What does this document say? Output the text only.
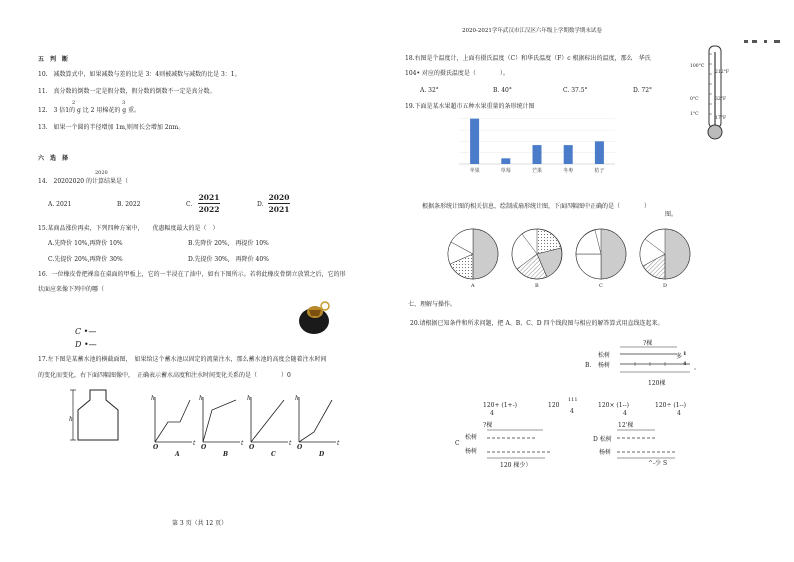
2020-2021学年武汉市江汉区六年级上学期数学期末试卷
五　判　断
10.　减数算式中，如果减数与差的比是 3：4则被减数与减数的比是 3：1。
11.　真分数的倒数一定是假分数，假分数的倒数不一定是真分数。
2	3
12.　3 倍1的 g 比 2 用棉花的 g 重。
13.　如果一个圆的半径增加 1m,则周长会增加 2πm。
六　选　择
2020
14.　20202020 的计算结果是（
A. 2021	B. 2022	C.
2021
2022
D.
2020
2021
15.某商品涨价再卖，下列四种方案中，　　优惠幅度最大的是（　）
A.先降价 10%,再降价 10%	B.先降价 20%,　再提价 10%
C.先提价 20%,再降价 30%	D.先提价 30%,　再降价 40%
16．一位橡皮骨把裸盒在桌面的甲板上，它的一半浸在了油中，如右下图所示。若将此橡皮骨倒立放置之后，它的形
状面应来像下列中的哪（
C •—
D •—
17.左下图是某蓄水池的横截面图，　如果给这个蓄水池以固定的流量注水，那么蓄水池的高度会随着注水时间
的变化而变化，右下面四幅图像中，　正确表示蓄水高度和注水时间变化关系的是（　　　　）0
h
h	h	h	h
O	O	O	O
t	t	t	t
A	B	C	D
第 3 页（共 12 页）
18.右图是个温度计，上面有摄氏温度（C）和华氏温度（F）c 根据标出的温度，那么　华氏
104• 对应的摄氏温度是（　　　　）。
A. 32°	B. 40°	C. 37.5°	D. 72°
100°C
212°F
0°C	32°F
1°C
17°F
19.下面是某水果超市五种水果重量的条形统计图
苹果	草莓	芒果	冬枣	桔子
根据条形统计图的相关信息，绘制成扇形统计图，下面四幅图中正确的是（　　　　）
图。
A	B	C	D
七、理解与操作。
20.请根据已知条件和所求问题，把 A、B、C、D 四个线段图与相应的解答算式用直线连起来。
B.
松树
杨树
?棵
多 1
4
120棵
120+ (1+-)
4
120
111
4
120× (1--)
4
120÷ (1--)
4
?棵
C
松树
杨树
120 棵少）
12'棵
D 松树
杨树
^-少 S
